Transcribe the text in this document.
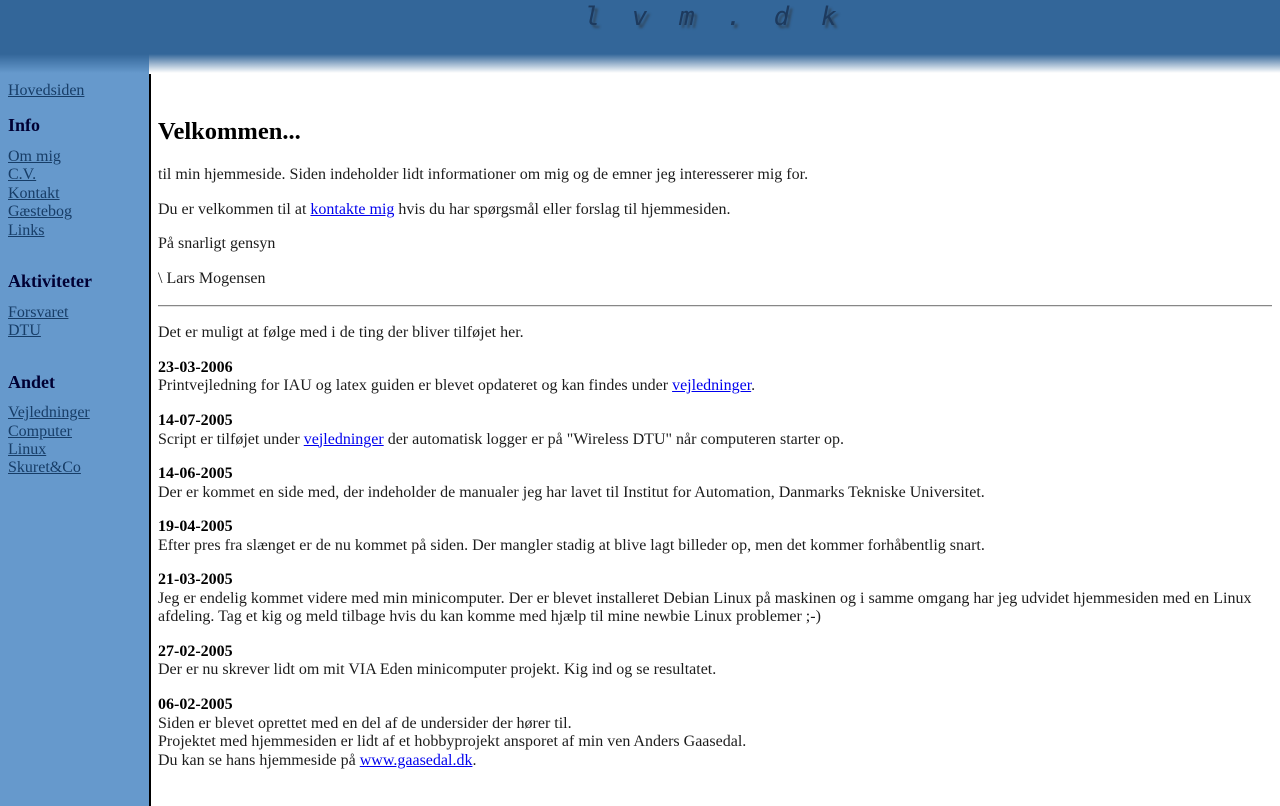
l v m . d k

Hovedsiden

Info

Om mig
C.V.
Kontakt
Gæstebog
Links

Aktiviteter

Forsvaret
DTU

Andet

Vejledninger
Computer
Linux

Skuret&Co

Velkommen...

til min hjemmeside. Siden indeholder lidt informationer om mig og de emner jeg interesserer mig for.

Du er velkommen til at kontakte mig hvis du har spørgsmål eller forslag til hjemmesiden.

På snarligt gensyn

\ Lars Mogensen

Det er muligt at følge med i de ting der bliver tilføjet her.

23-03-2006
Printvejledning for IAU og latex guiden er blevet opdateret og kan findes under vejledninger.

14-07-2005
Script er tilføjet under vejledninger der automatisk logger er på "Wireless DTU" når computeren starter op.

14-06-2005
Der er kommet en side med, der indeholder de manualer jeg har lavet til Institut for Automation, Danmarks Tekniske Universitet.

19-04-2005
Efter pres fra slænget er de nu kommet på siden. Der mangler stadig at blive lagt billeder op, men det kommer forhåbentlig snart.

21-03-2005
Jeg er endelig kommet videre med min minicomputer. Der er blevet installeret Debian Linux på maskinen og i samme omgang har jeg udvidet hjemmesiden med en Linux afdeling. Tag et kig og meld tilbage hvis du kan komme med hjælp til mine newbie Linux problemer ;-)

27-02-2005
Der er nu skrever lidt om mit VIA Eden minicomputer projekt. Kig ind og se resultatet.

06-02-2005
Siden er blevet oprettet med en del af de undersider der hører til.
Projektet med hjemmesiden er lidt af et hobbyprojekt ansporet af min ven Anders Gaasedal.
Du kan se hans hjemmeside på www.gaasedal.dk.
